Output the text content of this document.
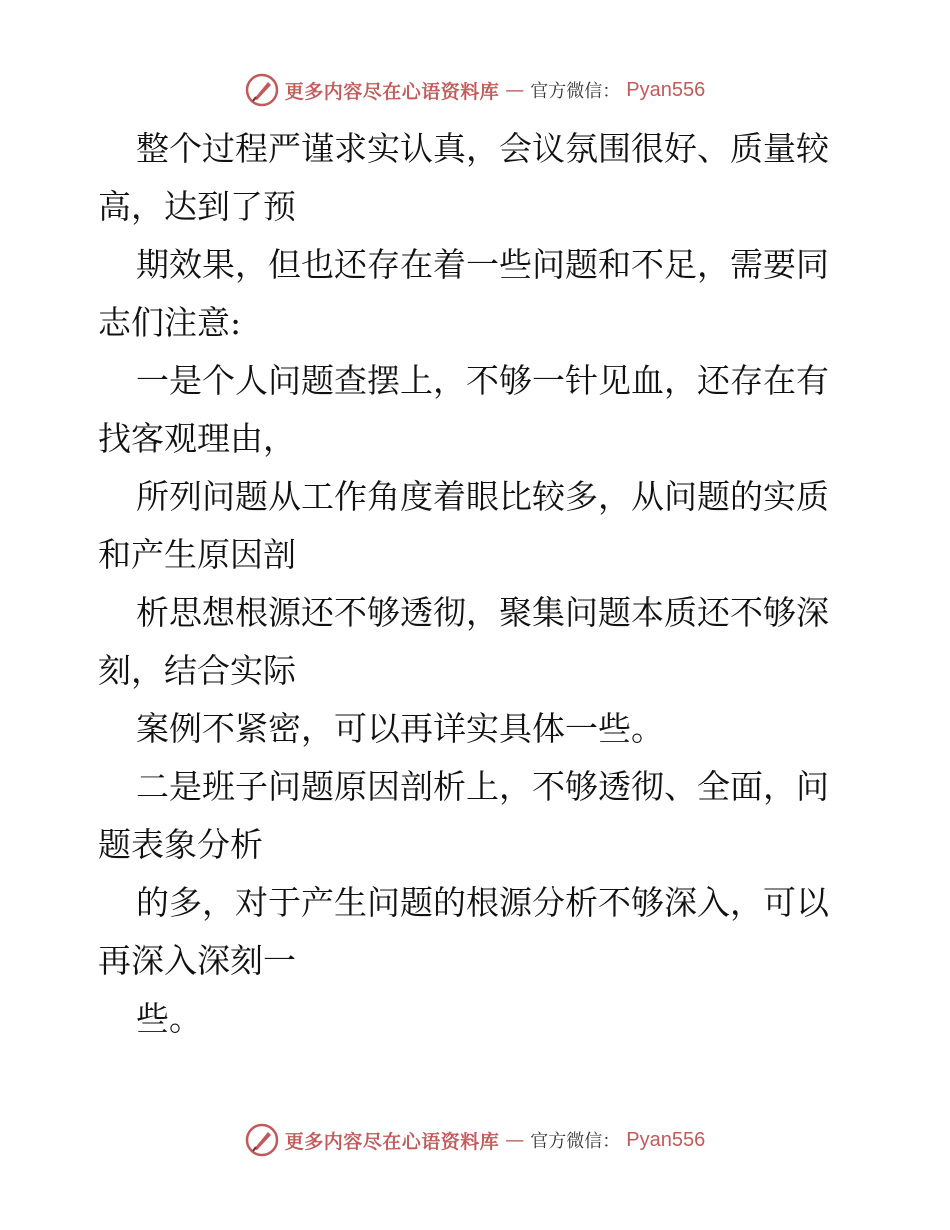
更多内容尽在心语资料库 — 官方微信： Pyan556
整个过程严谨求实认真，会议氛围很好、质量较
高，达到了预
期效果，但也还存在着一些问题和不足，需要同
志们注意:
一是个人问题查摆上，不够一针见血，还存在有
找客观理由，
所列问题从工作角度着眼比较多，从问题的实质
和产生原因剖
析思想根源还不够透彻，聚集问题本质还不够深
刻，结合实际
案例不紧密，可以再详实具体一些。
二是班子问题原因剖析上，不够透彻、全面，问
题表象分析
的多，对于产生问题的根源分析不够深入，可以
再深入深刻一
些。
更多内容尽在心语资料库 — 官方微信： Pyan556
